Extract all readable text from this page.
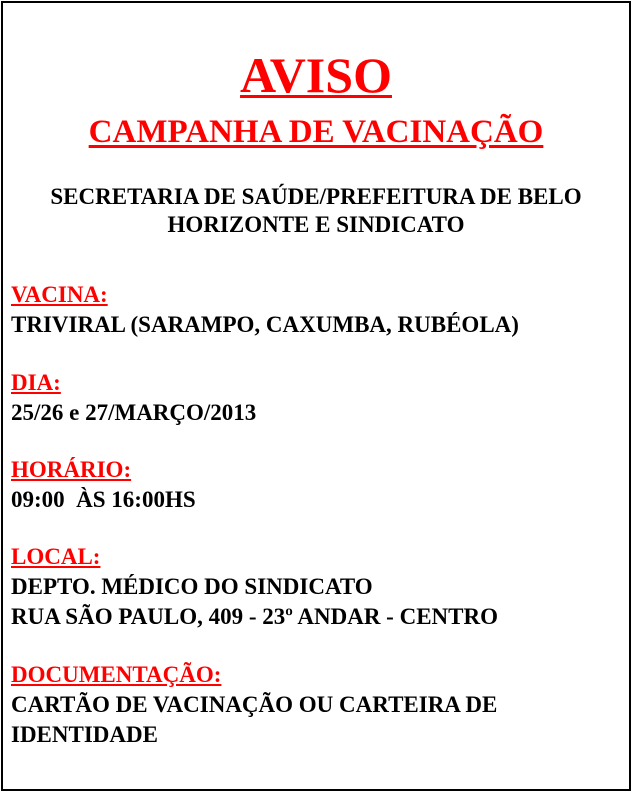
AVISO
CAMPANHA DE VACINAÇÃO
SECRETARIA DE SAÚDE/PREFEITURA DE BELO
HORIZONTE E SINDICATO
VACINA:
TRIVIRAL (SARAMPO, CAXUMBA, RUBÉOLA)
DIA:
25/26 e 27/MARÇO/2013
HORÁRIO:
09:00  ÀS 16:00HS
LOCAL:
DEPTO. MÉDICO DO SINDICATO
RUA SÃO PAULO, 409 - 23º ANDAR - CENTRO
DOCUMENTAÇÃO:
CARTÃO DE VACINAÇÃO OU CARTEIRA DE
IDENTIDADE
